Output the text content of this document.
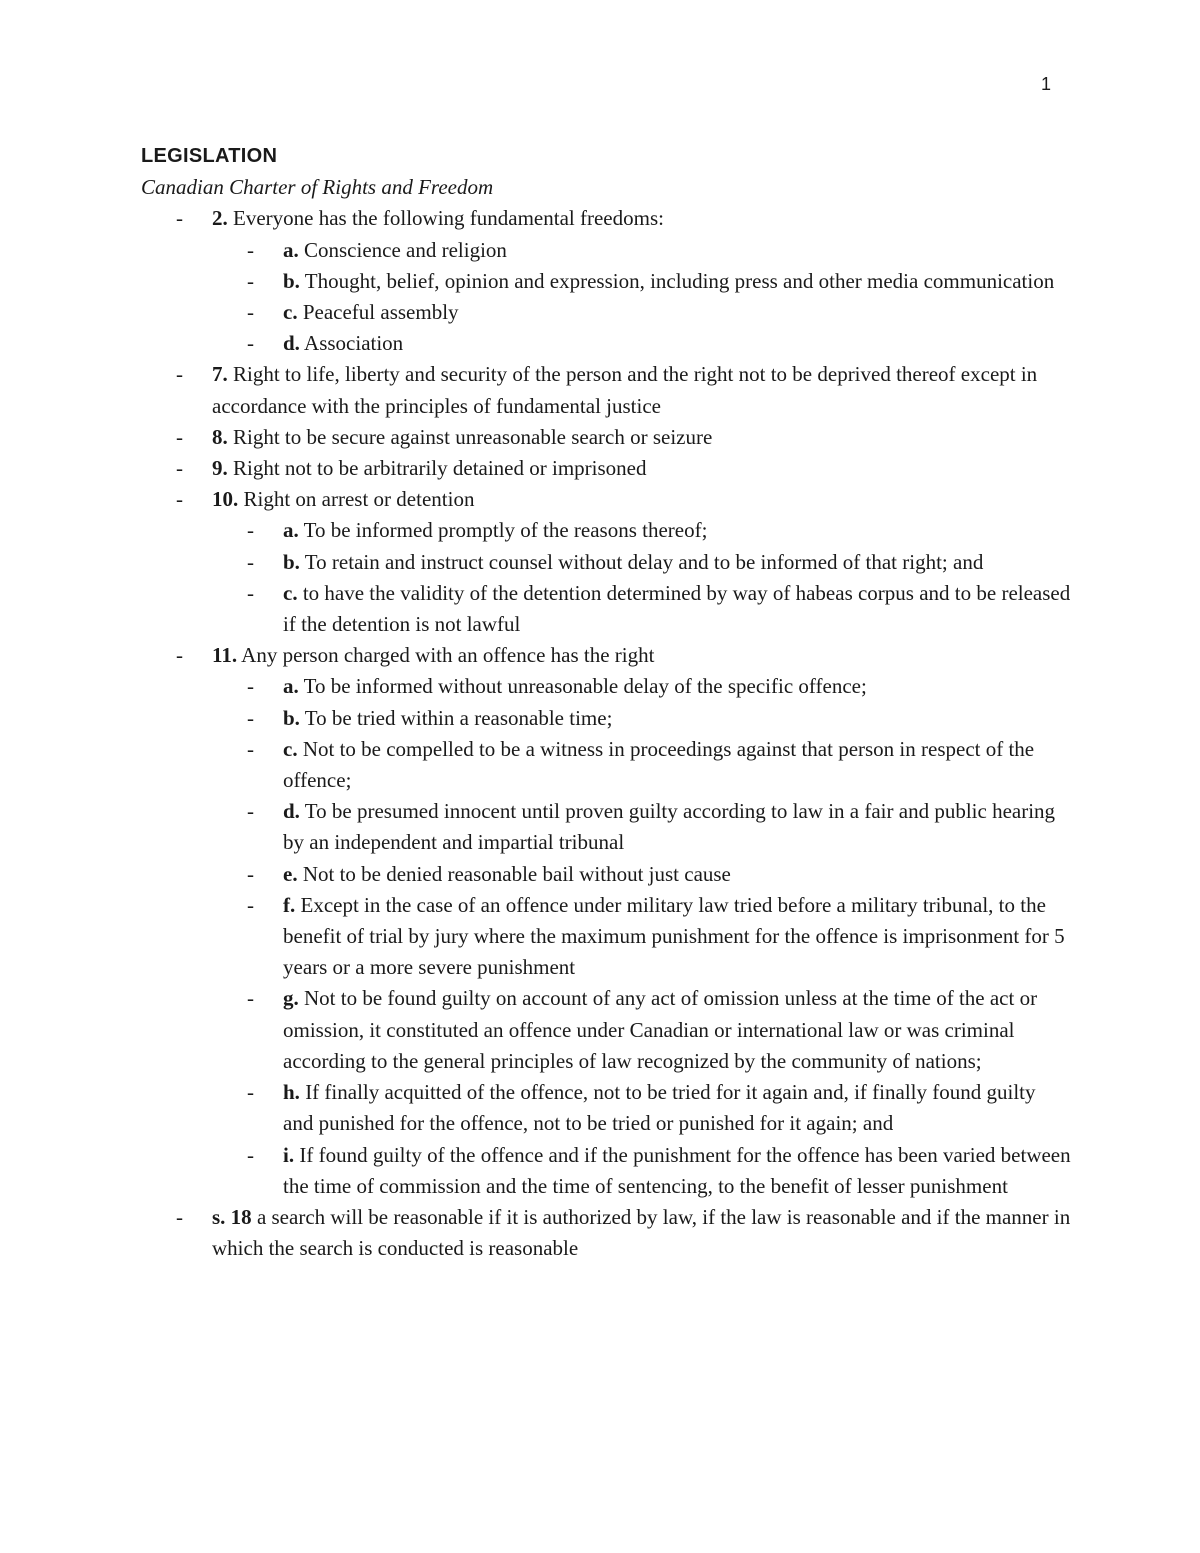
1
LEGISLATION
Canadian Charter of Rights and Freedom
- 2. Everyone has the following fundamental freedoms:
- a. Conscience and religion
- b. Thought, belief, opinion and expression, including press and other media communication
- c. Peaceful assembly
- d. Association
- 7. Right to life, liberty and security of the person and the right not to be deprived thereof except in accordance with the principles of fundamental justice
- 8. Right to be secure against unreasonable search or seizure
- 9. Right not to be arbitrarily detained or imprisoned
- 10. Right on arrest or detention
- a. To be informed promptly of the reasons thereof;
- b. To retain and instruct counsel without delay and to be informed of that right; and
- c. to have the validity of the detention determined by way of habeas corpus and to be released if the detention is not lawful
- 11. Any person charged with an offence has the right
- a. To be informed without unreasonable delay of the specific offence;
- b. To be tried within a reasonable time;
- c. Not to be compelled to be a witness in proceedings against that person in respect of the offence;
- d. To be presumed innocent until proven guilty according to law in a fair and public hearing by an independent and impartial tribunal
- e. Not to be denied reasonable bail without just cause
- f. Except in the case of an offence under military law tried before a military tribunal, to the benefit of trial by jury where the maximum punishment for the offence is imprisonment for 5 years or a more severe punishment
- g. Not to be found guilty on account of any act of omission unless at the time of the act or omission, it constituted an offence under Canadian or international law or was criminal according to the general principles of law recognized by the community of nations;
- h. If finally acquitted of the offence, not to be tried for it again and, if finally found guilty and punished for the offence, not to be tried or punished for it again; and
- i. If found guilty of the offence and if the punishment for the offence has been varied between the time of commission and the time of sentencing, to the benefit of lesser punishment
- s. 18 a search will be reasonable if it is authorized by law, if the law is reasonable and if the manner in which the search is conducted is reasonable
